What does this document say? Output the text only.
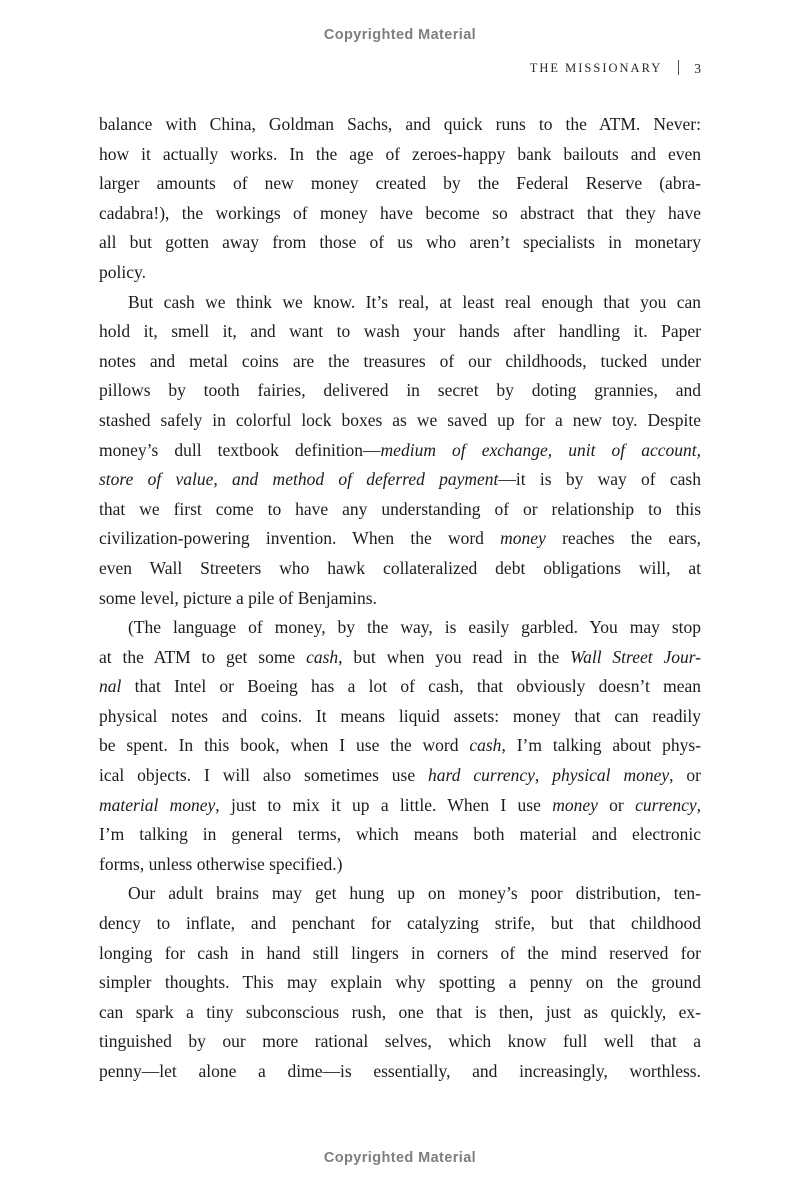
Copyrighted Material
THE MISSIONARY 3
balance with China, Goldman Sachs, and quick runs to the ATM. Never:
how it actually works. In the age of zeroes-happy bank bailouts and even
larger amounts of new money created by the Federal Reserve (abra-
cadabra!), the workings of money have become so abstract that they have
all but gotten away from those of us who aren’t specialists in monetary
policy.
But cash we think we know. It’s real, at least real enough that you can
hold it, smell it, and want to wash your hands after handling it. Paper
notes and metal coins are the treasures of our childhoods, tucked under
pillows by tooth fairies, delivered in secret by doting grannies, and
stashed safely in colorful lock boxes as we saved up for a new toy. Despite
money’s dull textbook definition—medium of exchange, unit of account,
store of value, and method of deferred payment—it is by way of cash
that we first come to have any understanding of or relationship to this
civilization-powering invention. When the word money reaches the ears,
even Wall Streeters who hawk collateralized debt obligations will, at
some level, picture a pile of Benjamins.
(The language of money, by the way, is easily garbled. You may stop
at the ATM to get some cash, but when you read in the Wall Street Jour-
nal that Intel or Boeing has a lot of cash, that obviously doesn’t mean
physical notes and coins. It means liquid assets: money that can readily
be spent. In this book, when I use the word cash, I’m talking about phys-
ical objects. I will also sometimes use hard currency, physical money, or
material money, just to mix it up a little. When I use money or currency,
I’m talking in general terms, which means both material and electronic
forms, unless otherwise specified.)
Our adult brains may get hung up on money’s poor distribution, ten-
dency to inflate, and penchant for catalyzing strife, but that childhood
longing for cash in hand still lingers in corners of the mind reserved for
simpler thoughts. This may explain why spotting a penny on the ground
can spark a tiny subconscious rush, one that is then, just as quickly, ex-
tinguished by our more rational selves, which know full well that a
penny—let alone a dime—is essentially, and increasingly, worthless.
Copyrighted Material
